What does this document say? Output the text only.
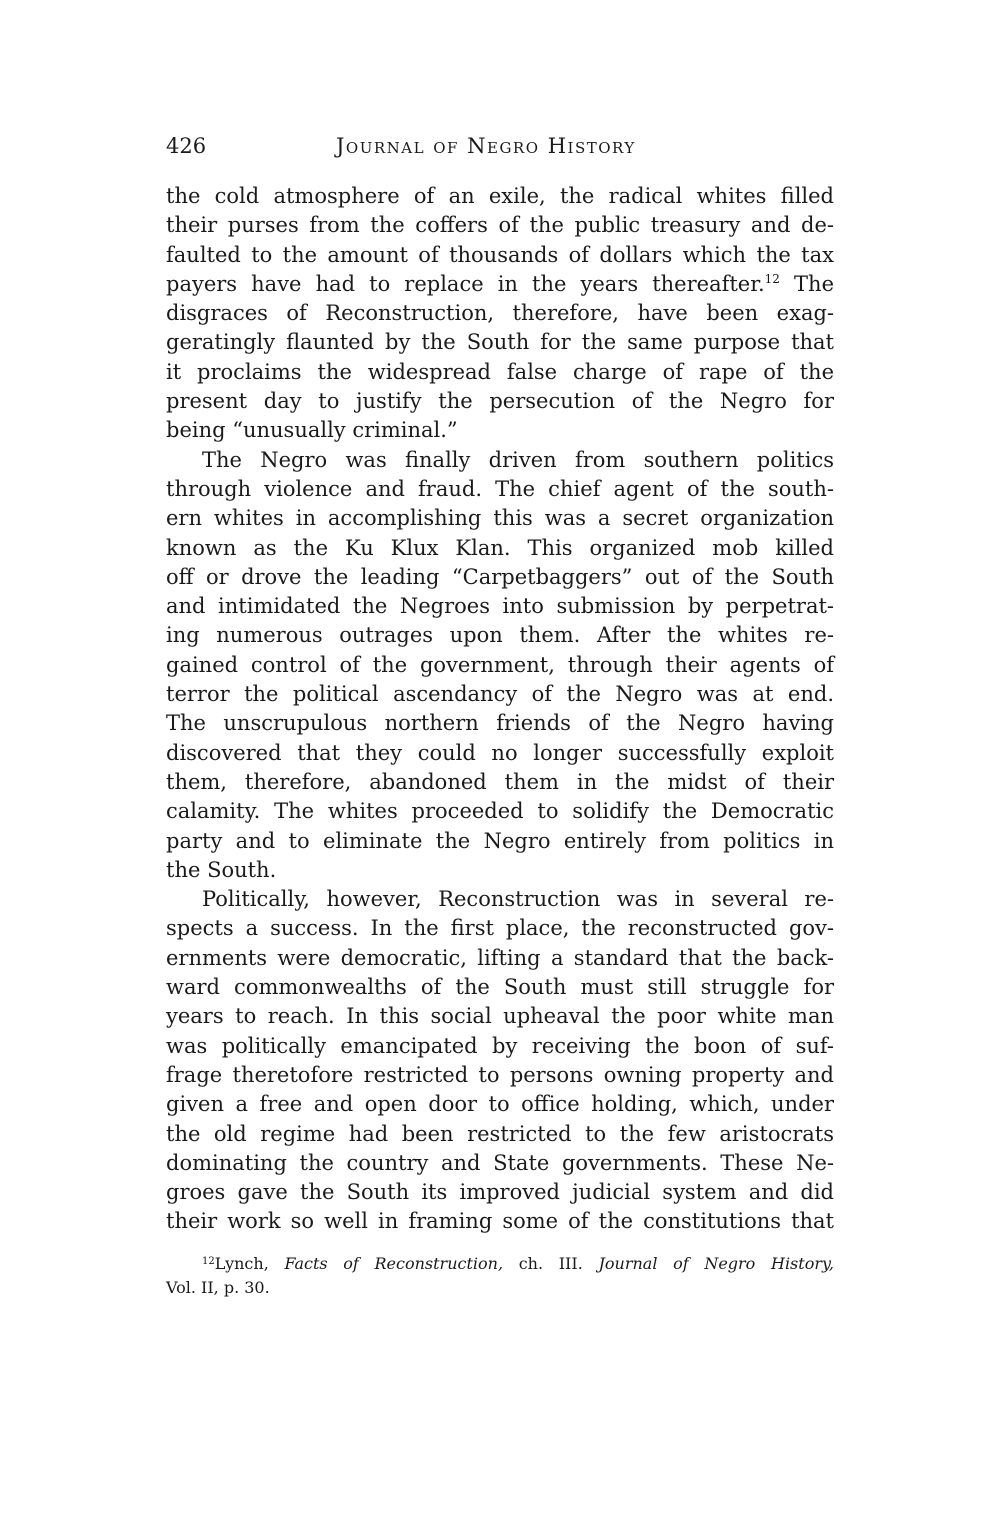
426	Journal of Negro History
the cold atmosphere of an exile, the radical whites filled
their purses from the coffers of the public treasury and de-
faulted to the amount of thousands of dollars which the tax
payers have had to replace in the years thereafter.$^{12}$ The
disgraces of Reconstruction, therefore, have been exag-
geratingly flaunted by the South for the same purpose that
it proclaims the widespread false charge of rape of the
present day to justify the persecution of the Negro for
being “unusually criminal.”
The Negro was finally driven from southern politics
through violence and fraud. The chief agent of the south-
ern whites in accomplishing this was a secret organization
known as the Ku Klux Klan. This organized mob killed
off or drove the leading “Carpetbaggers” out of the South
and intimidated the Negroes into submission by perpetrat-
ing numerous outrages upon them. After the whites re-
gained control of the government, through their agents of
terror the political ascendancy of the Negro was at end.
The unscrupulous northern friends of the Negro having
discovered that they could no longer successfully exploit
them, therefore, abandoned them in the midst of their
calamity. The whites proceeded to solidify the Democratic
party and to eliminate the Negro entirely from politics in
the South.
Politically, however, Reconstruction was in several re-
spects a success. In the first place, the reconstructed gov-
ernments were democratic, lifting a standard that the back-
ward commonwealths of the South must still struggle for
years to reach. In this social upheaval the poor white man
was politically emancipated by receiving the boon of suf-
frage theretofore restricted to persons owning property and
given a free and open door to office holding, which, under
the old regime had been restricted to the few aristocrats
dominating the country and State governments. These Ne-
groes gave the South its improved judicial system and did
their work so well in framing some of the constitutions that
$^{12}$Lynch, Facts of Reconstruction, ch. III. Journal of Negro History,
Vol. II, p. 30.
